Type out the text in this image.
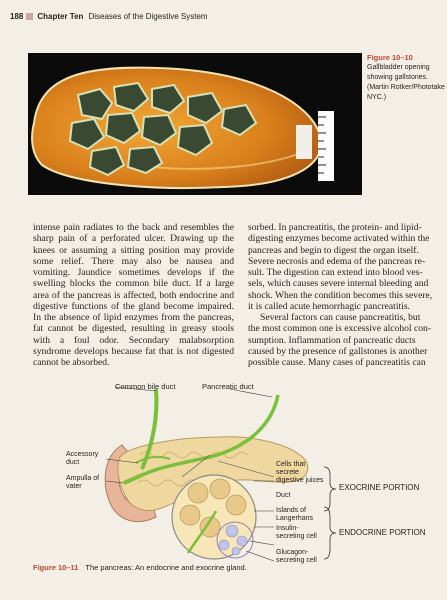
188 Chapter Ten Diseases of the Digestive System
Figure 10–10
Gallbladder opening showing gallstones. (Martin Rotker/Phototake NYC.)

intense pain radiates to the back and resembles the sharp pain of a perforated ulcer. Drawing up the knees or assuming a sitting position may provide some relief. There may also be nausea and vomiting. Jaundice sometimes develops if the swelling blocks the common bile duct. If a large area of the pancreas is affected, both endocrine and digestive functions of the gland become impaired. In the absence of lipid enzymes from the pancreas, fat cannot be digested, resulting in greasy stools with a foul odor. Secondary malabsorption syndrome develops because fat that is not digested cannot be absorbed.

sorbed. In pancreatitis, the protein- and lipid-

digesting enzymes become activated within the

pancreas and begin to digest the organ itself.

Severe necrosis and edema of the pancreas re-

sult. The digestion can extend into blood ves-

sels, which causes severe internal bleeding and

shock. When the condition becomes this severe,

it is called acute hemorrhagic pancreatitis.

Several factors can cause pancreatitis, but

the most common one is excessive alcohol con-

sumption. Inflammation of pancreatic ducts

caused by the presence of gallstones is another

possible cause. Many cases of pancreatitis can

Common bile duct	Pancreatic duct
Accessory duct
Ampulla of vater
Cells that secrete digestive juices
Duct
Islands of Langerhans
Insulin-secreting cell
Glucagon-secreting cell
EXOCRINE PORTION
ENDOCRINE PORTION
Figure 10–11 The pancreas: An endocrine and exocrine gland.
